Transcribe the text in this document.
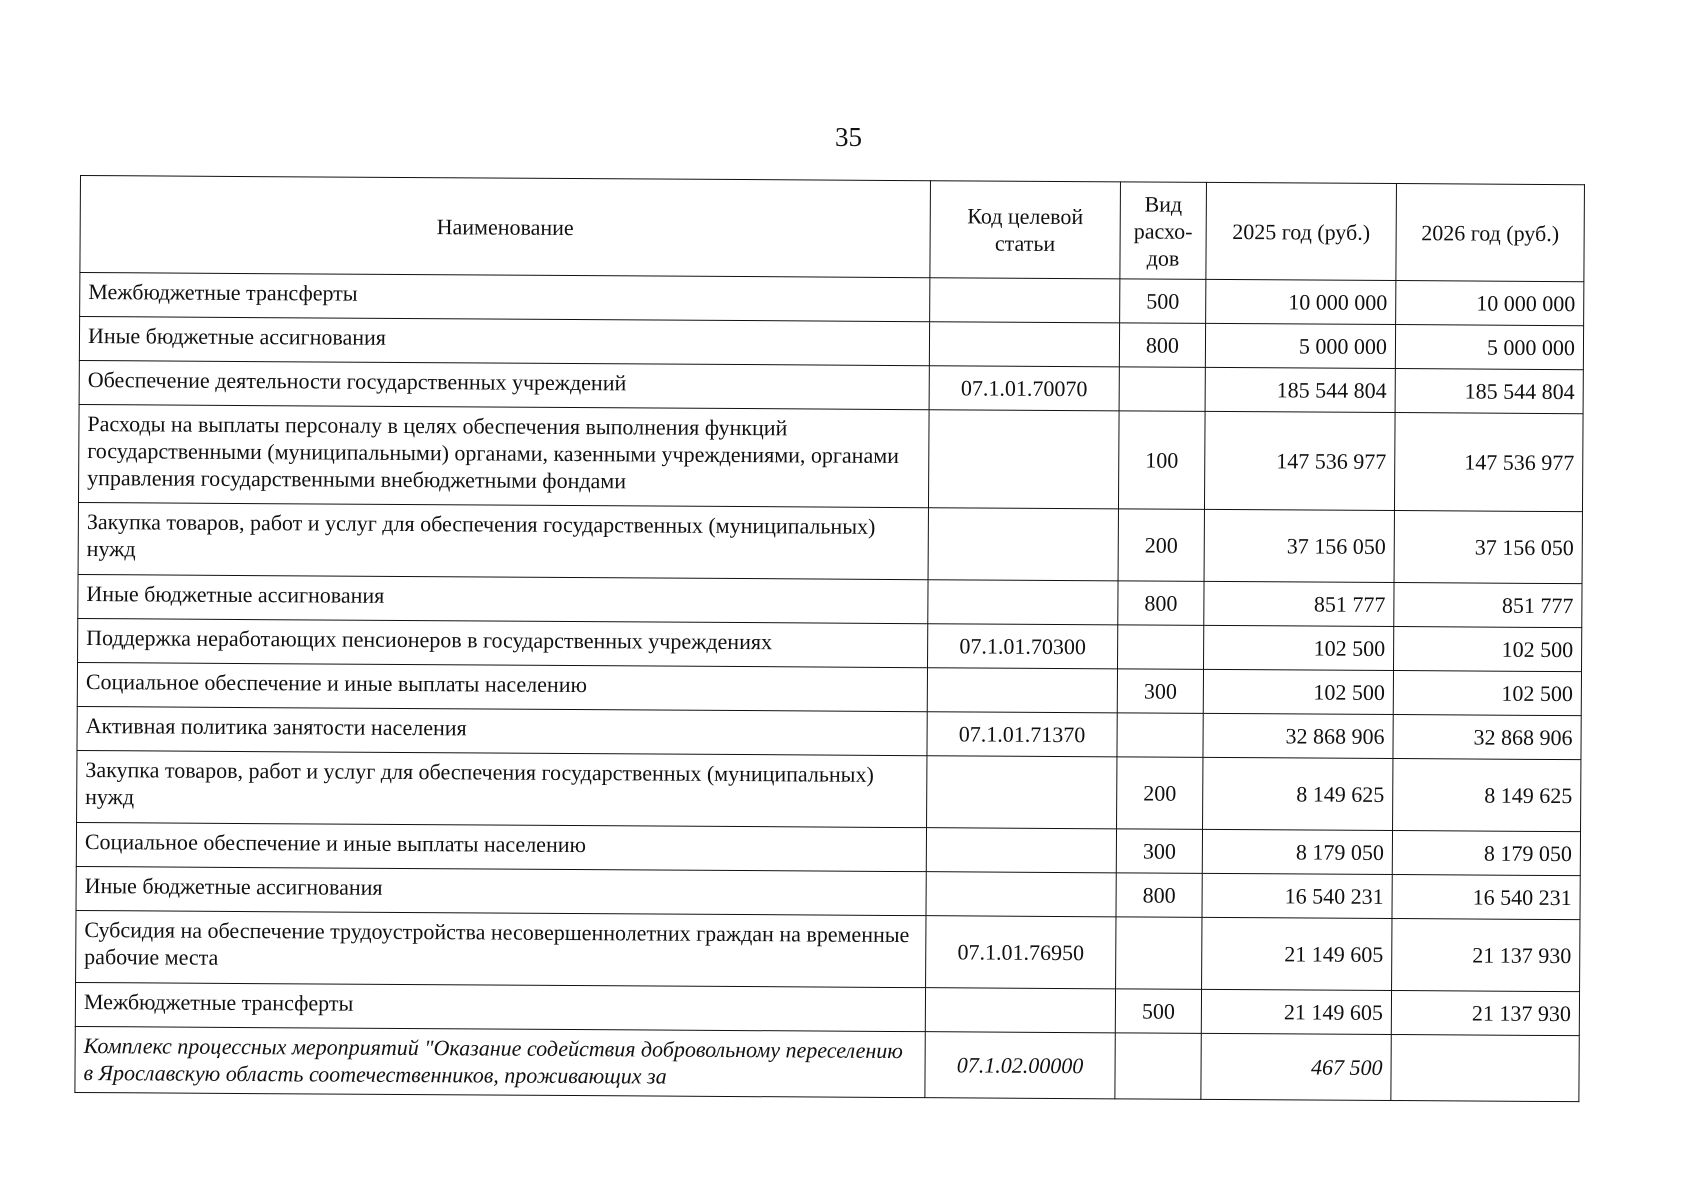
35
Наименование	Код целевой статьи	Вид расхо-дов	2025 год (руб.)	2026 год (руб.)
Межбюджетные трансферты		500	10 000 000	10 000 000
Иные бюджетные ассигнования		800	5 000 000	5 000 000
Обеспечение деятельности государственных учреждений	07.1.01.70070		185 544 804	185 544 804
Расходы на выплаты персоналу в целях обеспечения выполнения функций государственными (муниципальными) органами, казенными учреждениями, органами управления государственными внебюджетными фондами		100	147 536 977	147 536 977
Закупка товаров, работ и услуг для обеспечения государственных (муниципальных) нужд		200	37 156 050	37 156 050
Иные бюджетные ассигнования		800	851 777	851 777
Поддержка неработающих пенсионеров в государственных учреждениях	07.1.01.70300		102 500	102 500
Социальное обеспечение и иные выплаты населению		300	102 500	102 500
Активная политика занятости населения	07.1.01.71370		32 868 906	32 868 906
Закупка товаров, работ и услуг для обеспечения государственных (муниципальных) нужд		200	8 149 625	8 149 625
Социальное обеспечение и иные выплаты населению		300	8 179 050	8 179 050
Иные бюджетные ассигнования		800	16 540 231	16 540 231
Субсидия на обеспечение трудоустройства несовершеннолетних граждан на временные рабочие места	07.1.01.76950		21 149 605	21 137 930
Межбюджетные трансферты		500	21 149 605	21 137 930
Комплекс процессных мероприятий "Оказание содействия добровольному переселению в Ярославскую область соотечественников, проживающих за	07.1.02.00000		467 500	
